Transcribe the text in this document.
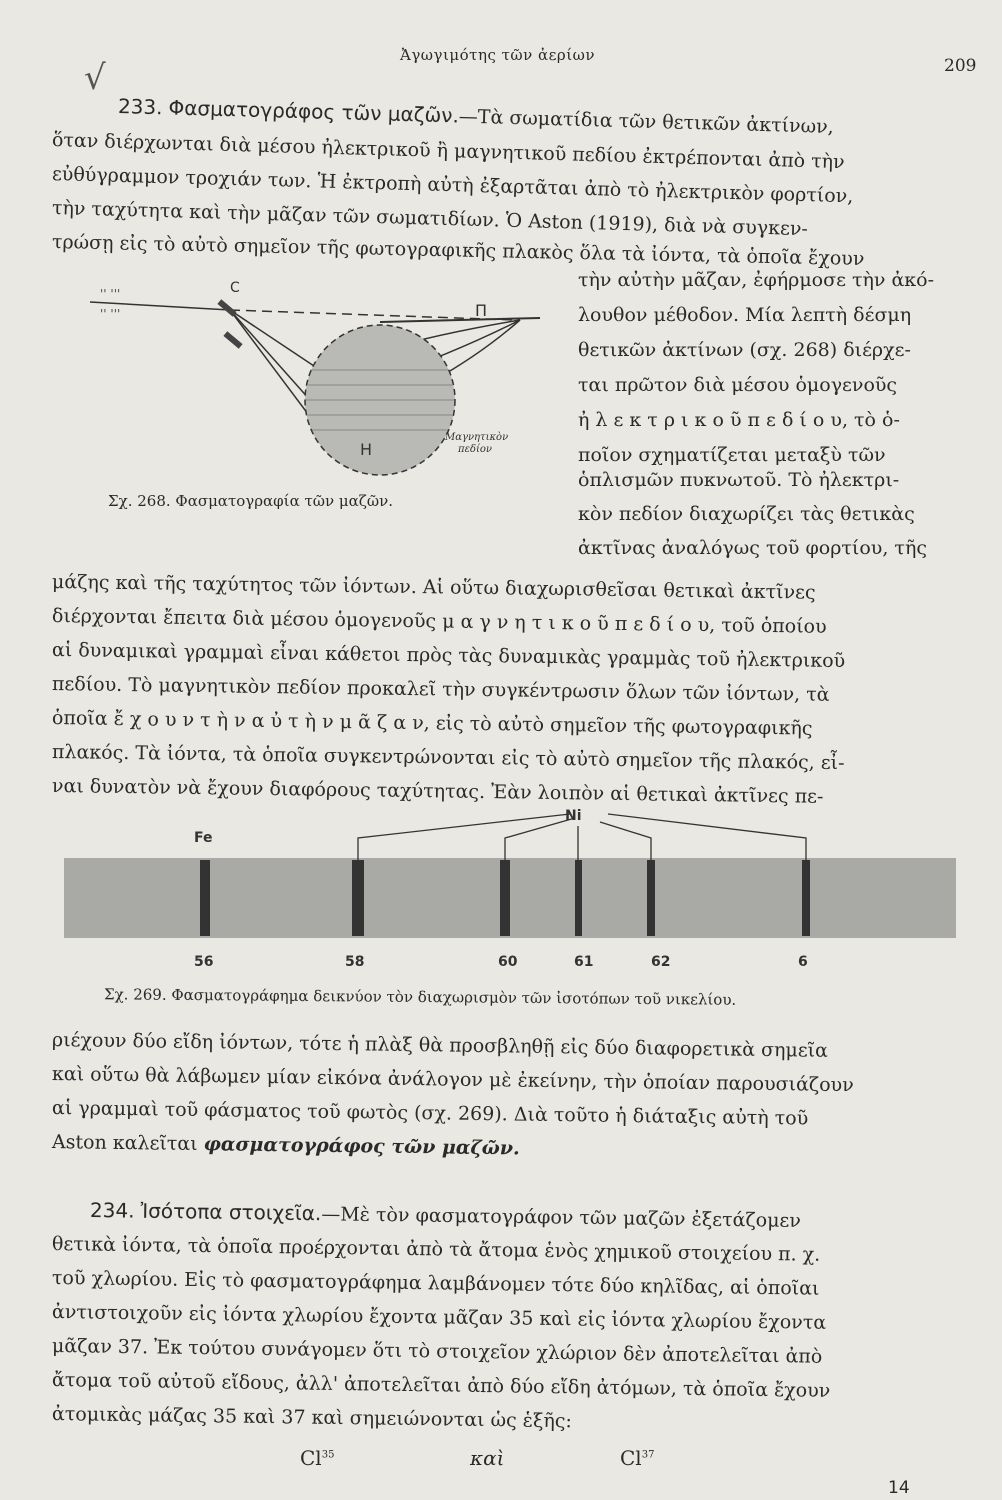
Ἀγωγιμότης τῶν ἀερίων
209
√
233. Φασματογράφος τῶν μαζῶν.—Τὰ σωματίδια τῶν θετικῶν ἀκτίνων,
ὅταν διέρχωνται διὰ μέσου ἠλεκτρικοῦ ἢ μαγνητικοῦ πεδίου ἐκτρέπονται ἀπὸ τὴν
εὐθύγραμμον τροχιάν των. Ἡ ἐκτροπὴ αὐτὴ ἐξαρτᾶται ἀπὸ τὸ ἠλεκτρικὸν φορτίον,
τὴν ταχύτητα καὶ τὴν μᾶζαν τῶν σωματιδίων. Ὁ Aston (1919), διὰ νὰ συγκεν-
τρώσῃ εἰς τὸ αὐτὸ σημεῖον τῆς φωτογραφικῆς πλακὸς ὅλα τὰ ἰόντα, τὰ ὁποῖα ἔχουν
τὴν αὐτὴν μᾶζαν, ἐφήρμοσε τὴν ἀκό-
λουθον μέθοδον. Μία λεπτὴ δέσμη
θετικῶν ἀκτίνων (σχ. 268) διέρχε-
ται πρῶτον διὰ μέσου ὁμογενοῦς
ἠ λ ε κ τ ρ ι κ ο ῦ π ε δ ί ο υ, τὸ ὁ-
ποῖον σχηματίζεται μεταξὺ τῶν
ὁπλισμῶν πυκνωτοῦ. Τὸ ἠλεκτρι-
κὸν πεδίον διαχωρίζει τὰς θετικὰς
ἀκτῖνας ἀναλόγως τοῦ φορτίου, τῆς
'' '''
'' '''
C
Π
H
Μαγνητικὸν
πεδίον
Σχ. 268. Φασματογραφία τῶν μαζῶν.
μάζης καὶ τῆς ταχύτητος τῶν ἰόντων. Αἱ οὕτω διαχωρισθεῖσαι θετικαὶ ἀκτῖνες
διέρχονται ἔπειτα διὰ μέσου ὁμογενοῦς μ α γ ν η τ ι κ ο ῦ π ε δ ί ο υ, τοῦ ὁποίου
αἱ δυναμικαὶ γραμμαὶ εἶναι κάθετοι πρὸς τὰς δυναμικὰς γραμμὰς τοῦ ἠλεκτρικοῦ
πεδίου. Τὸ μαγνητικὸν πεδίον προκαλεῖ τὴν συγκέντρωσιν ὅλων τῶν ἰόντων, τὰ
ὁποῖα ἔ χ ο υ ν τ ὴ ν α ὐ τ ὴ ν μ ᾶ ζ α ν, εἰς τὸ αὐτὸ σημεῖον τῆς φωτογραφικῆς
πλακός. Τὰ ἰόντα, τὰ ὁποῖα συγκεντρώνονται εἰς τὸ αὐτὸ σημεῖον τῆς πλακός, εἶ-
ναι δυνατὸν νὰ ἔχουν διαφόρους ταχύτητας. Ἐὰν λοιπὸν αἱ θετικαὶ ἀκτῖνες πε-
Ni
Fe
56	58	60	61	62	6
Σχ. 269. Φασματογράφημα δεικνύον τὸν διαχωρισμὸν τῶν ἰσοτόπων τοῦ νικελίου.
ριέχουν δύο εἴδη ἰόντων, τότε ἡ πλὰξ θὰ προσβληθῇ εἰς δύο διαφορετικὰ σημεῖα
καὶ οὕτω θὰ λάβωμεν μίαν εἰκόνα ἀνάλογον μὲ ἐκείνην, τὴν ὁποίαν παρουσιάζουν
αἱ γραμμαὶ τοῦ φάσματος τοῦ φωτὸς (σχ. 269). Διὰ τοῦτο ἡ διάταξις αὐτὴ τοῦ
Aston καλεῖται φασματογράφος τῶν μαζῶν.
234. Ἰσότοπα στοιχεῖα.—Μὲ τὸν φασματογράφον τῶν μαζῶν ἐξετάζομεν
θετικὰ ἰόντα, τὰ ὁποῖα προέρχονται ἀπὸ τὰ ἄτομα ἑνὸς χημικοῦ στοιχείου π. χ.
τοῦ χλωρίου. Εἰς τὸ φασματογράφημα λαμβάνομεν τότε δύο κηλῖδας, αἱ ὁποῖαι
ἀντιστοιχοῦν εἰς ἰόντα χλωρίου ἔχοντα μᾶζαν 35 καὶ εἰς ἰόντα χλωρίου ἔχοντα
μᾶζαν 37. Ἐκ τούτου συνάγομεν ὅτι τὸ στοιχεῖον χλώριον δὲν ἀποτελεῖται ἀπὸ
ἄτομα τοῦ αὐτοῦ εἴδους, ἀλλ' ἀποτελεῖται ἀπὸ δύο εἴδη ἀτόμων, τὰ ὁποῖα ἔχουν
ἀτομικὰς μάζας 35 καὶ 37 καὶ σημειώνονται ὡς ἑξῆς:
Cl$^{35}$	καὶ	Cl$^{37}$
14
